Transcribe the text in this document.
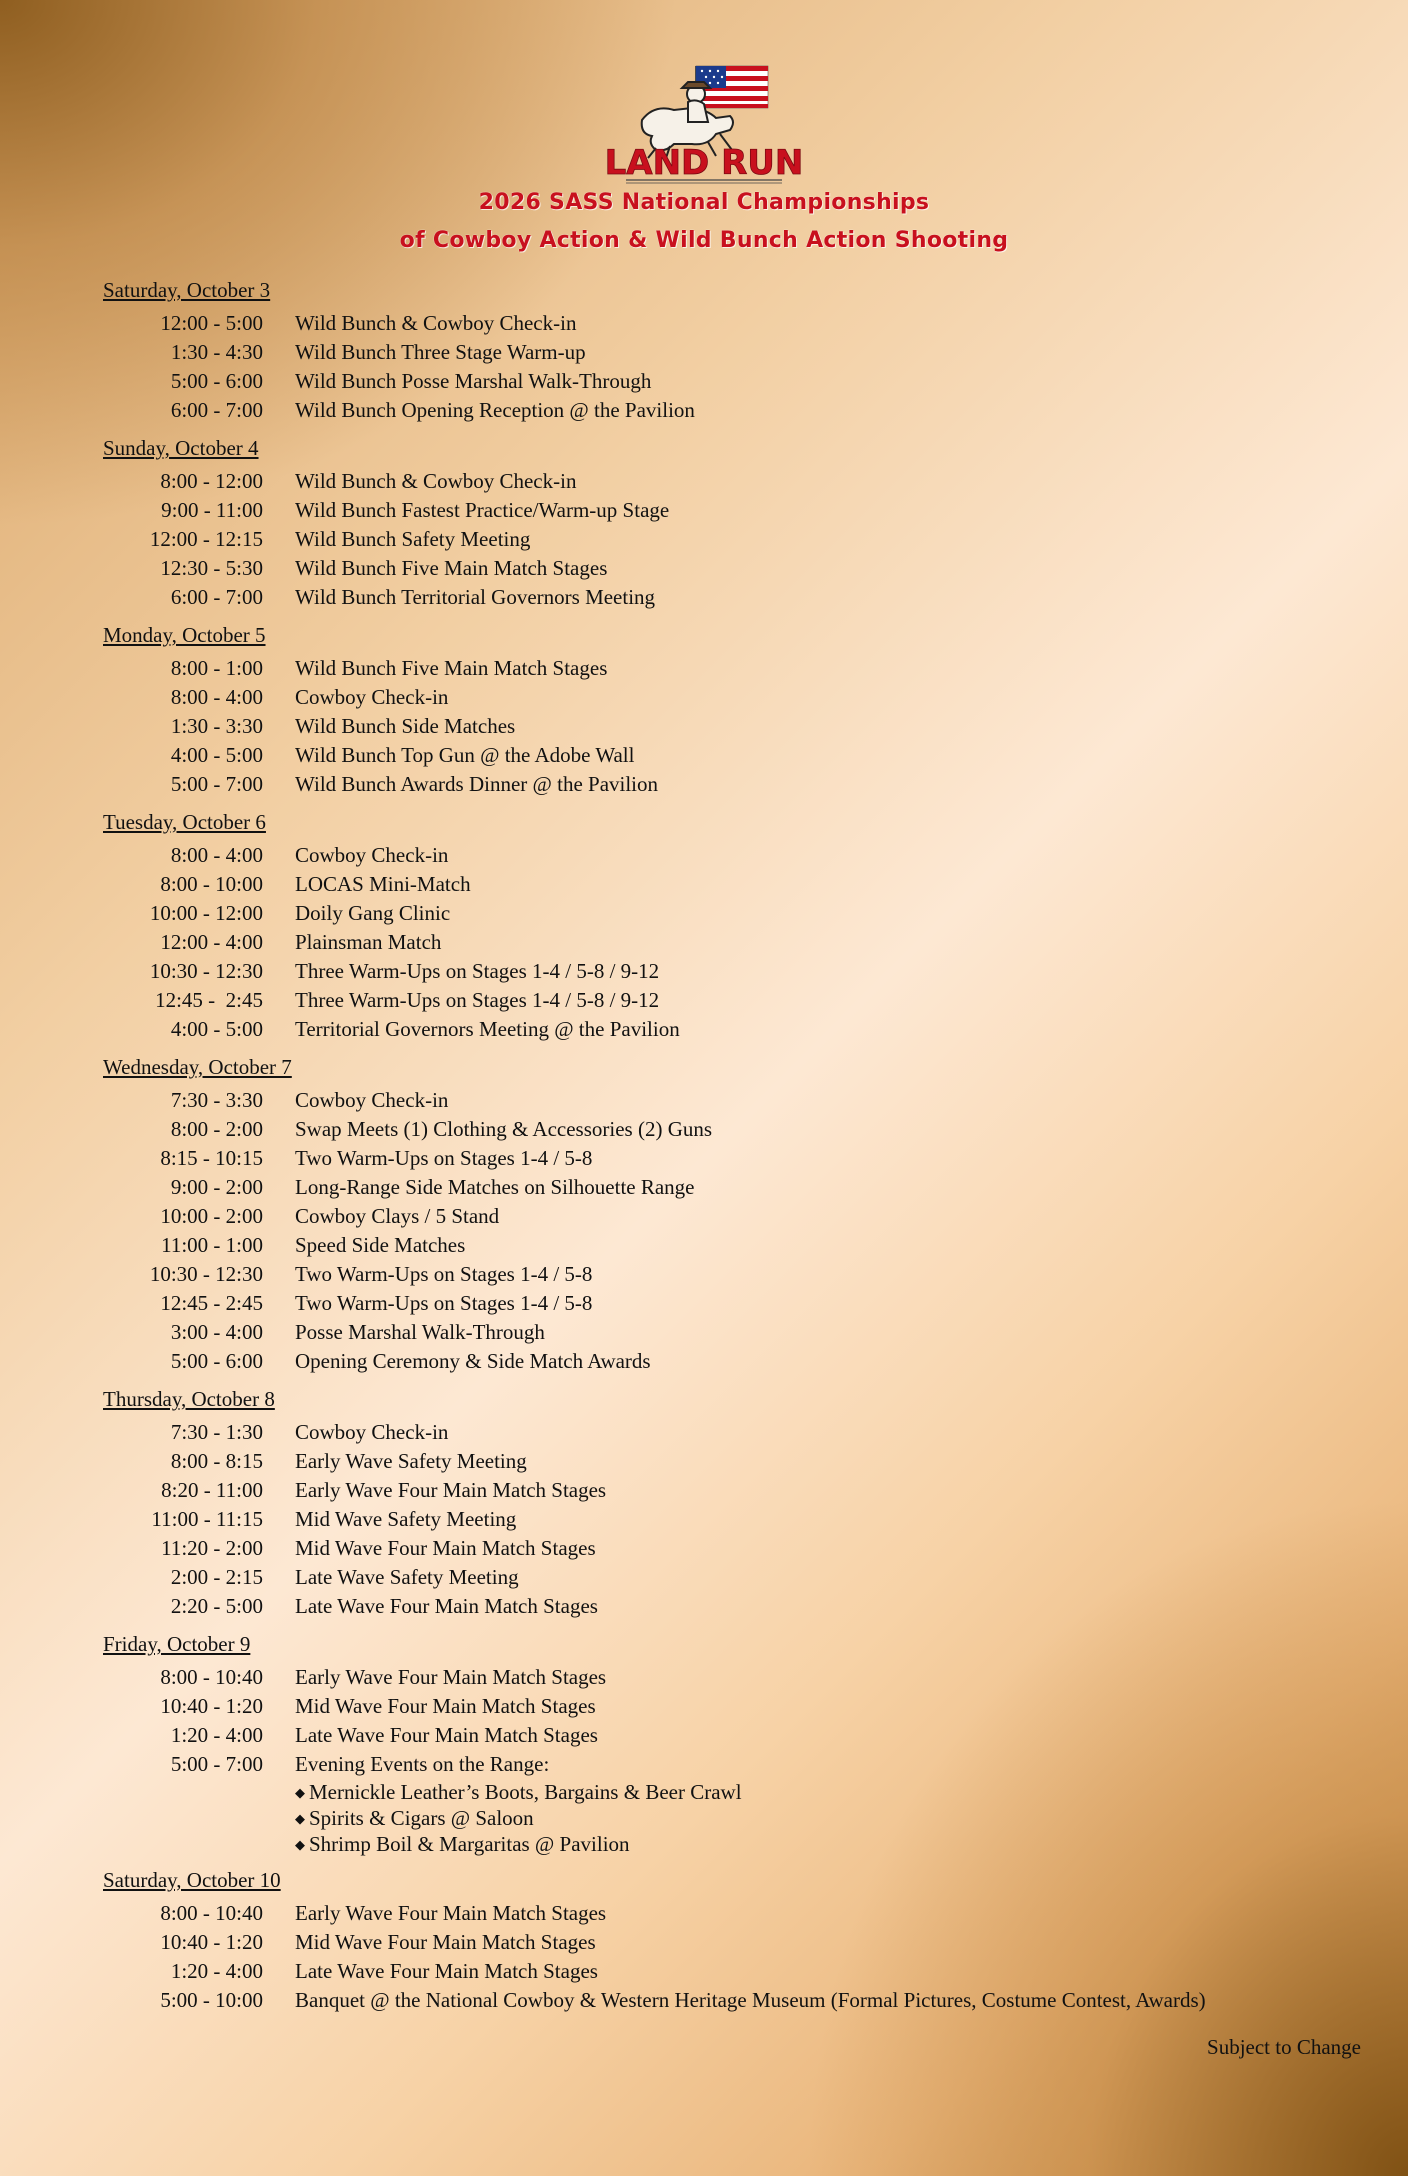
LAND RUN
2026 SASS National Championships
of Cowboy Action & Wild Bunch Action Shooting
Saturday, October 3
12:00 - 5:00	Wild Bunch & Cowboy Check-in
1:30 - 4:30	Wild Bunch Three Stage Warm-up
5:00 - 6:00	Wild Bunch Posse Marshal Walk-Through
6:00 - 7:00	Wild Bunch Opening Reception @ the Pavilion
Sunday, October 4
8:00 - 12:00	Wild Bunch & Cowboy Check-in
9:00 - 11:00	Wild Bunch Fastest Practice/Warm-up Stage
12:00 - 12:15	Wild Bunch Safety Meeting
12:30 - 5:30	Wild Bunch Five Main Match Stages
6:00 - 7:00	Wild Bunch Territorial Governors Meeting
Monday, October 5
8:00 - 1:00	Wild Bunch Five Main Match Stages
8:00 - 4:00	Cowboy Check-in
1:30 - 3:30	Wild Bunch Side Matches
4:00 - 5:00	Wild Bunch Top Gun @ the Adobe Wall
5:00 - 7:00	Wild Bunch Awards Dinner @ the Pavilion
Tuesday, October 6
8:00 - 4:00	Cowboy Check-in
8:00 - 10:00	LOCAS Mini-Match
10:00 - 12:00	Doily Gang Clinic
12:00 - 4:00	Plainsman Match
10:30 - 12:30	Three Warm-Ups on Stages 1-4 / 5-8 / 9-12
12:45 -  2:45	Three Warm-Ups on Stages 1-4 / 5-8 / 9-12
4:00 - 5:00	Territorial Governors Meeting @ the Pavilion
Wednesday, October 7
7:30 - 3:30	Cowboy Check-in
8:00 - 2:00	Swap Meets (1) Clothing & Accessories (2) Guns
8:15 - 10:15	Two Warm-Ups on Stages 1-4 / 5-8
9:00 - 2:00	Long-Range Side Matches on Silhouette Range
10:00 - 2:00	Cowboy Clays / 5 Stand
11:00 - 1:00	Speed Side Matches
10:30 - 12:30	Two Warm-Ups on Stages 1-4 / 5-8
12:45 - 2:45	Two Warm-Ups on Stages 1-4 / 5-8
3:00 - 4:00	Posse Marshal Walk-Through
5:00 - 6:00	Opening Ceremony & Side Match Awards
Thursday, October 8
7:30 - 1:30	Cowboy Check-in
8:00 - 8:15	Early Wave Safety Meeting
8:20 - 11:00	Early Wave Four Main Match Stages
11:00 - 11:15	Mid Wave Safety Meeting
11:20 - 2:00	Mid Wave Four Main Match Stages
2:00 - 2:15	Late Wave Safety Meeting
2:20 - 5:00	Late Wave Four Main Match Stages
Friday, October 9
8:00 - 10:40	Early Wave Four Main Match Stages
10:40 - 1:20	Mid Wave Four Main Match Stages
1:20 - 4:00	Late Wave Four Main Match Stages
5:00 - 7:00	Evening Events on the Range:
◆ Mernickle Leather’s Boots, Bargains & Beer Crawl
◆ Spirits & Cigars @ Saloon
◆ Shrimp Boil & Margaritas @ Pavilion
Saturday, October 10
8:00 - 10:40	Early Wave Four Main Match Stages
10:40 - 1:20	Mid Wave Four Main Match Stages
1:20 - 4:00	Late Wave Four Main Match Stages
5:00 - 10:00	Banquet @ the National Cowboy & Western Heritage Museum (Formal Pictures, Costume Contest, Awards)
Subject to Change
